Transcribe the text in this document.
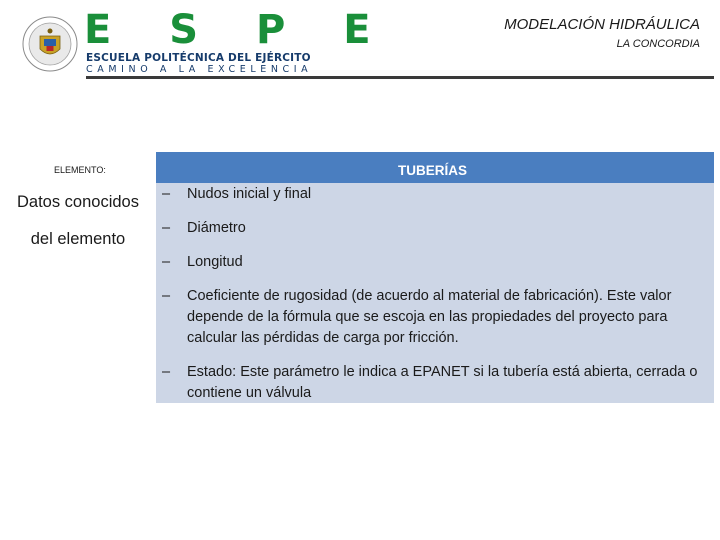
E S P E
ESCUELA POLITÉCNICA DEL EJÉRCITO
CAMINO A LA EXCELENCIA
MODELACIÓN HIDRÁULICA
LA CONCORDIA
ELEMENTO:	TUBERÍAS
Datos conocidos
del elemento
– Nudos inicial y final
– Diámetro
– Longitud
– Coeficiente de rugosidad (de acuerdo al material de fabricación). Este valor depende de la fórmula que se escoja en las propiedades del proyecto para calcular las pérdidas de carga por fricción.
– Estado: Este parámetro le indica a EPANET si la tubería está abierta, cerrada o contiene un válvula
